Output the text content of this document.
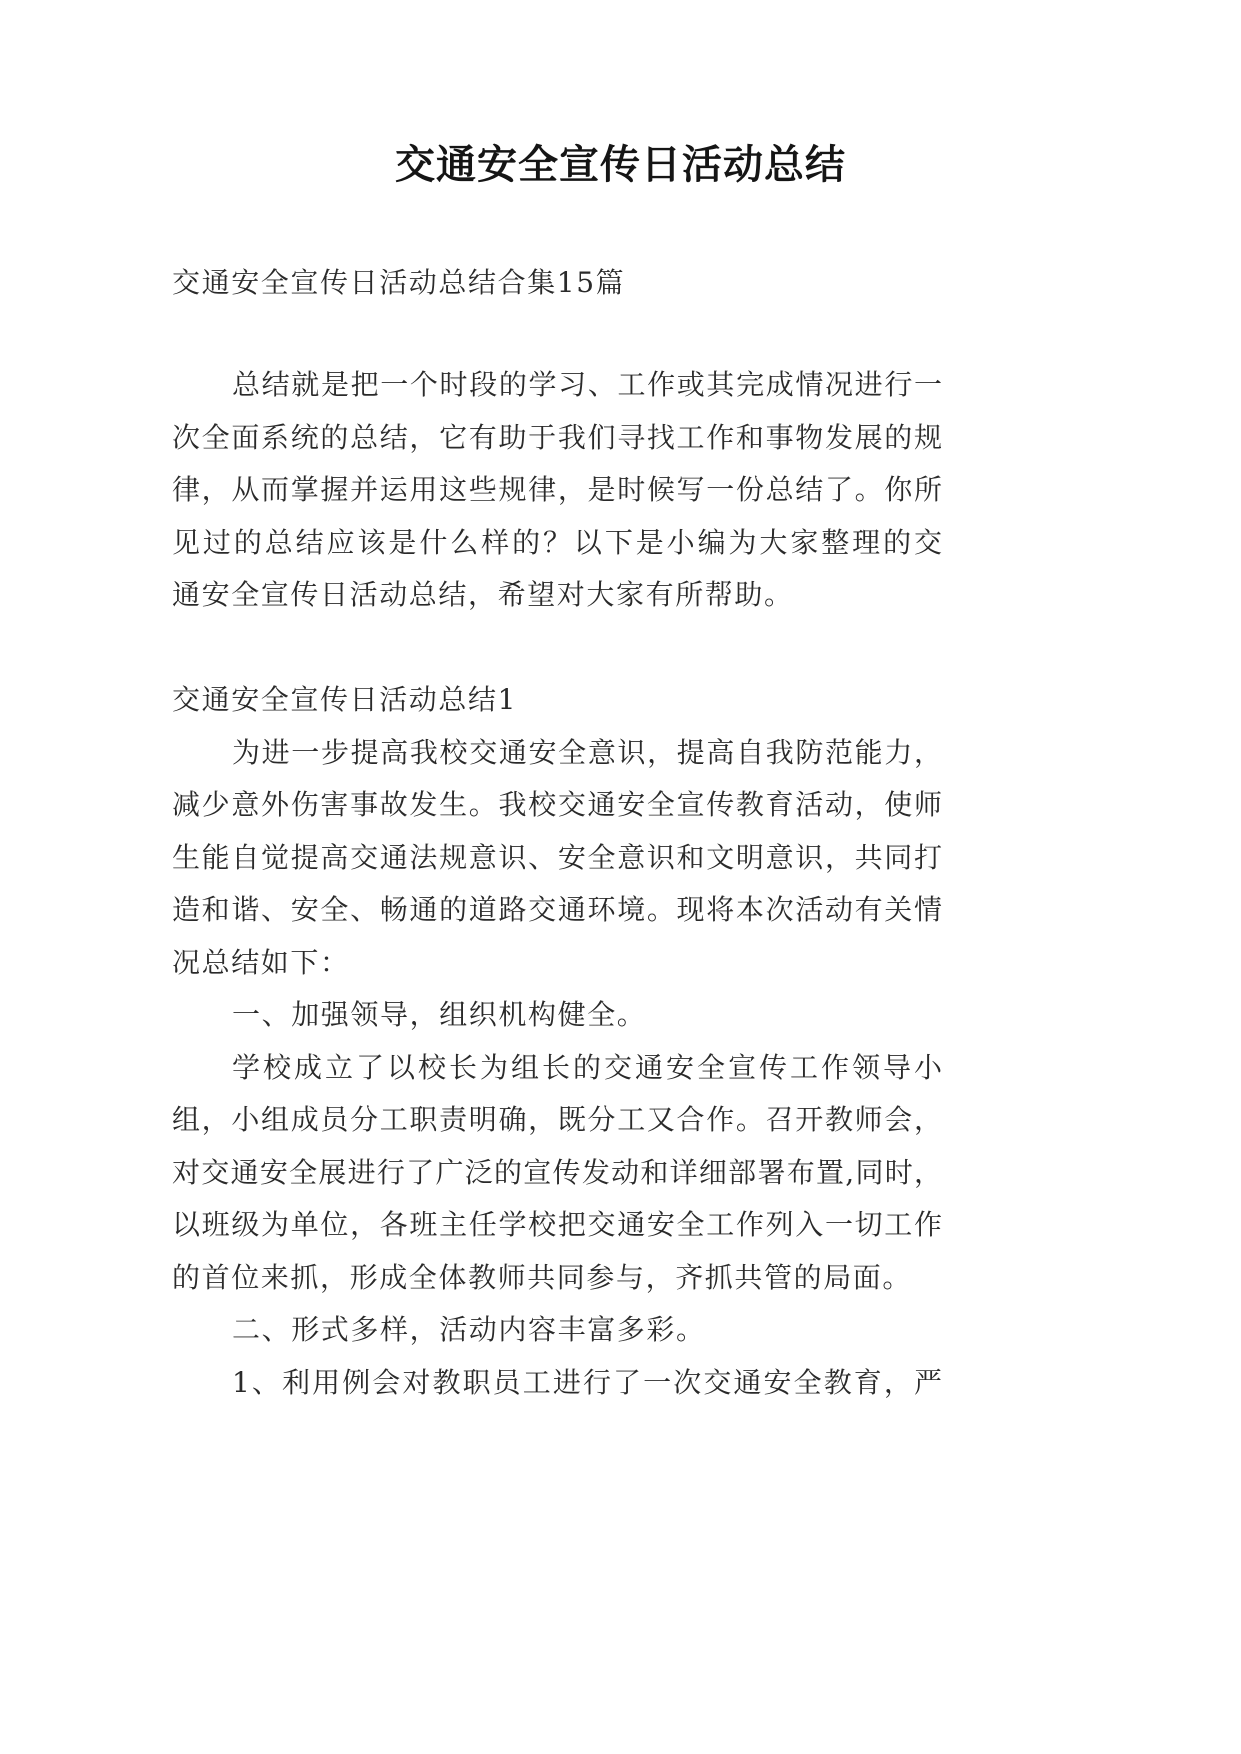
交通安全宣传日活动总结
交通安全宣传日活动总结合集15篇
总结就是把一个时段的学习、工作或其完成情况进行一
次全面系统的总结，它有助于我们寻找工作和事物发展的规
律，从而掌握并运用这些规律，是时候写一份总结了。你所
见过的总结应该是什么样的？以下是小编为大家整理的交
通安全宣传日活动总结，希望对大家有所帮助。
交通安全宣传日活动总结1
为进一步提高我校交通安全意识，提高自我防范能力，
减少意外伤害事故发生。我校交通安全宣传教育活动，使师
生能自觉提高交通法规意识、安全意识和文明意识，共同打
造和谐、安全、畅通的道路交通环境。现将本次活动有关情
况总结如下：
一、加强领导，组织机构健全。
学校成立了以校长为组长的交通安全宣传工作领导小
组，小组成员分工职责明确，既分工又合作。召开教师会，
对交通安全展进行了广泛的宣传发动和详细部署布置,同时，
以班级为单位，各班主任学校把交通安全工作列入一切工作
的首位来抓，形成全体教师共同参与，齐抓共管的局面。
二、形式多样，活动内容丰富多彩。
1、利用例会对教职员工进行了一次交通安全教育，严
